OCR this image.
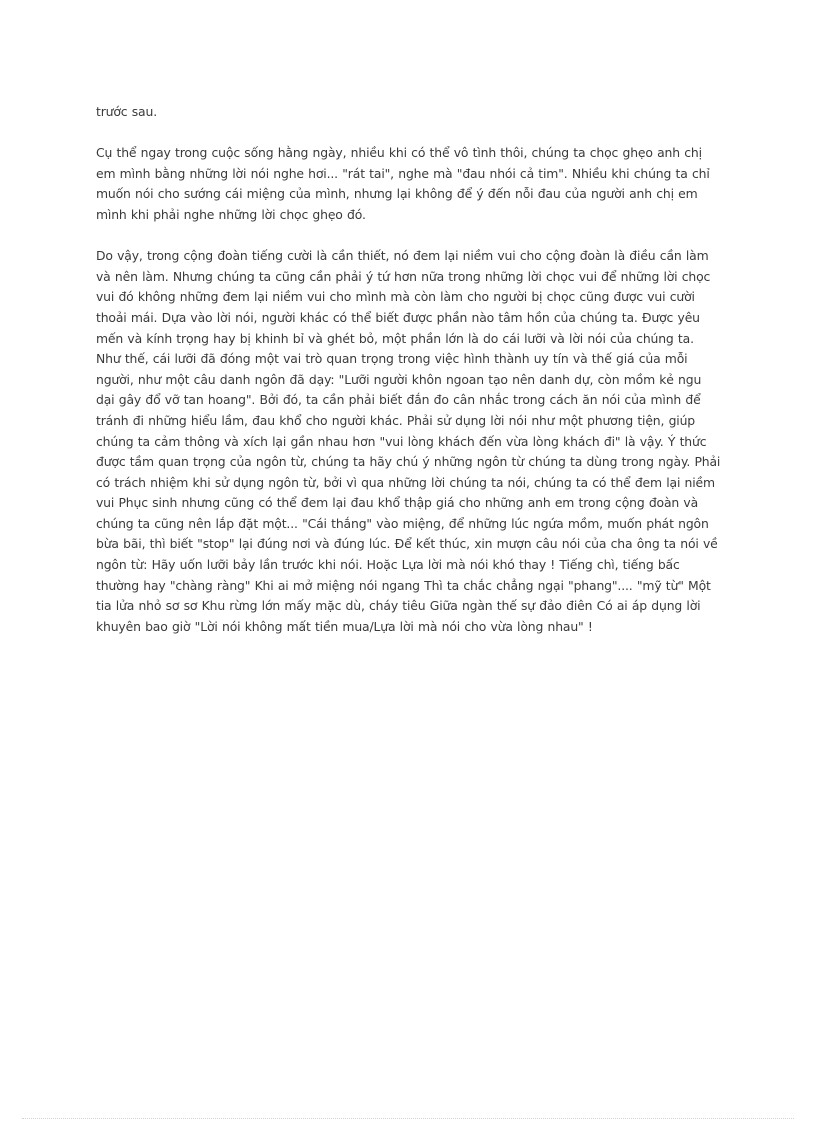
trước sau.

Cụ thể ngay trong cuộc sống hằng ngày, nhiều khi có thể vô tình thôi, chúng ta chọc ghẹo anh chị em mình bằng những lời nói nghe hơi... "rát tai", nghe mà "đau nhói cả tim". Nhiều khi chúng ta chỉ muốn nói cho sướng cái miệng của mình, nhưng lại không để ý đến nỗi đau của người anh chị em mình khi phải nghe những lời chọc ghẹo đó.

Do vậy, trong cộng đoàn tiếng cười là cần thiết, nó đem lại niềm vui cho cộng đoàn là điều cần làm và nên làm. Nhưng chúng ta cũng cần phải ý tứ hơn nữa trong những lời chọc vui để những lời chọc vui đó không những đem lại niềm vui cho mình mà còn làm cho người bị chọc cũng được vui cười thoải mái. Dựa vào lời nói, người khác có thể biết được phần nào tâm hồn của chúng ta. Được yêu mến và kính trọng hay bị khinh bỉ và ghét bỏ, một phần lớn là do cái lưỡi và lời nói của chúng ta. Như thế, cái lưỡi đã đóng một vai trò quan trọng trong việc hình thành uy tín và thế giá của mỗi người, như một câu danh ngôn đã dạy: "Lưỡi người khôn ngoan tạo nên danh dự, còn mồm kẻ ngu dại gây đổ vỡ tan hoang". Bởi đó, ta cần phải biết đắn đo cân nhắc trong cách ăn nói của mình để tránh đi những hiểu lầm, đau khổ cho người khác. Phải sử dụng lời nói như một phương tiện, giúp chúng ta cảm thông và xích lại gần nhau hơn "vui lòng khách đến vừa lòng khách đi" là vậy. Ý thức được tầm quan trọng của ngôn từ, chúng ta hãy chú ý những ngôn từ chúng ta dùng trong ngày. Phải có trách nhiệm khi sử dụng ngôn từ, bởi vì qua những lời chúng ta nói, chúng ta có thể đem lại niềm vui Phục sinh nhưng cũng có thể đem lại đau khổ thập giá cho những anh em trong cộng đoàn và chúng ta cũng nên lắp đặt một... "Cái thắng" vào miệng, để những lúc ngứa mồm, muốn phát ngôn bừa bãi, thì biết "stop" lại đúng nơi và đúng lúc. Để kết thúc, xin mượn câu nói của cha ông ta nói về ngôn từ: Hãy uốn lưỡi bảy lần trước khi nói. Hoặc Lựa lời mà nói khó thay ! Tiếng chì, tiếng bấc thường hay "chàng ràng" Khi ai mở miệng nói ngang Thì ta chắc chẳng ngại "phang".... "mỹ từ" Một tia lửa nhỏ sơ sơ Khu rừng lớn mấy mặc dù, cháy tiêu Giữa ngàn thế sự đảo điên Có ai áp dụng lời khuyên bao giờ "Lời nói không mất tiền mua/Lựa lời mà nói cho vừa lòng nhau" !
